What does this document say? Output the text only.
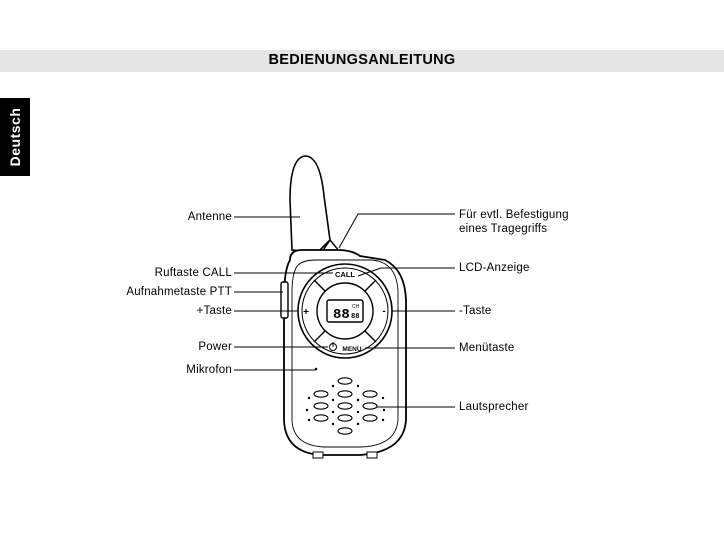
BEDIENUNGSANLEITUNG
Deutsch
88 CH
88
CALL
MENU
+	-
Antenne
Ruftaste CALL
Aufnahmetaste PTT
+Taste
Power
Mikrofon
Für evtl. Befestigung
eines Tragegriffs
LCD-Anzeige
-Taste
Menütaste
Lautsprecher
